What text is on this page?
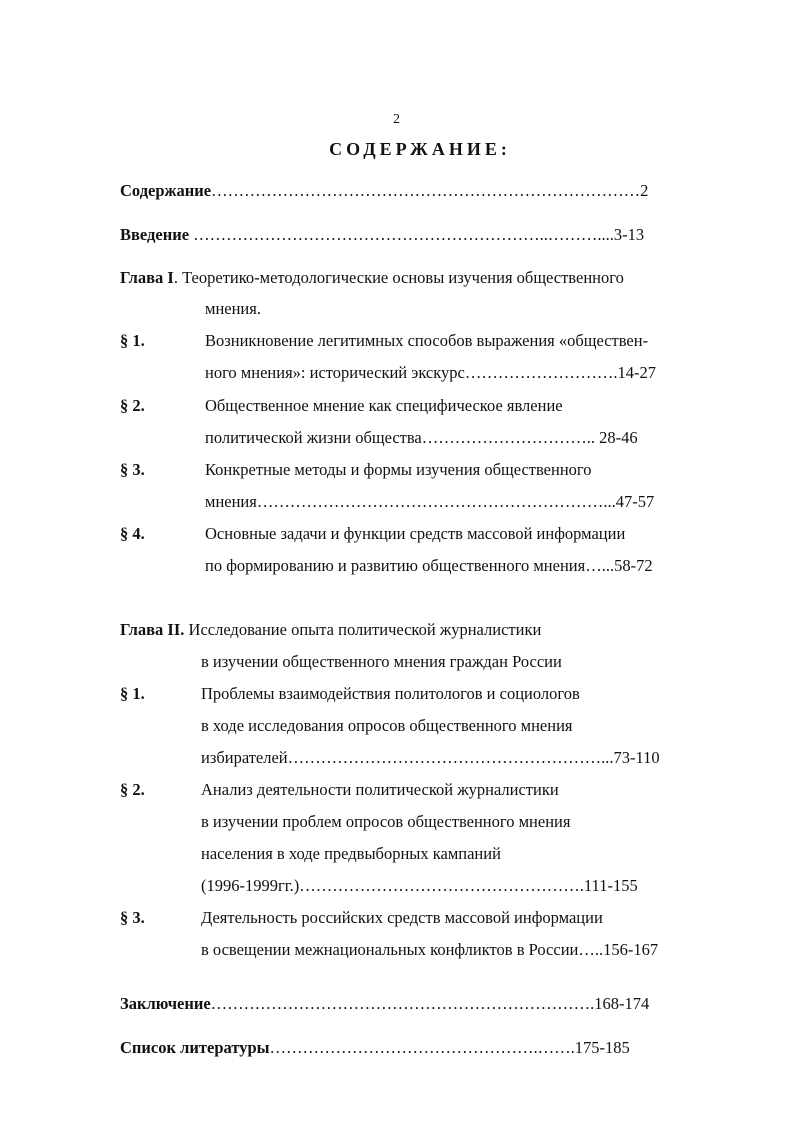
2
СОДЕРЖАНИЕ:
Содержание……………………………………………………………………2
Введение ………………………………………………………..………....3-13
Глава I. Теоретико-методологические основы изучения общественного
мнения.
§ 1.	Возникновение легитимных способов выражения «обществен-
ного мнения»: исторический экскурс……………………….14-27
§ 2.	Общественное мнение как специфическое явление
политической жизни общества………………………….. 28-46
§ 3.	Конкретные методы и формы изучения общественного
мнения………………………………………………………...47-57
§ 4.	Основные задачи и функции средств массовой информации
по формированию и развитию общественного мнения…...58-72
Глава II. Исследование опыта политической журналистики
в изучении общественного мнения граждан России
§ 1.	Проблемы взаимодействия политологов и социологов
в ходе исследования опросов общественного мнения
избирателей…………………………………………………...73-110
§ 2.	Анализ деятельности политической журналистики
в изучении проблем опросов общественного мнения
населения в ходе предвыборных кампаний
(1996-1999гг.)…………………………………………….111-155
§ 3.	Деятельность российских средств массовой информации
в освещении межнациональных конфликтов в России…..156-167
Заключение…………………………………………………………….168-174
Список литературы………………………………………….…….175-185
